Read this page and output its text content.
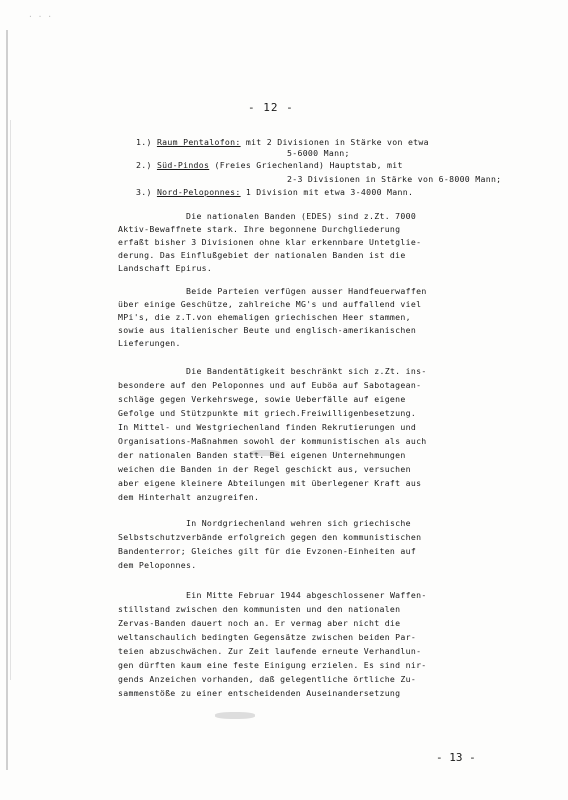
· · ·
- 12 -
1.) Raum Pentalofon: mit 2 Divisionen in Stärke von etwa
5-6000 Mann;
2.) Süd-Pindos (Freies Griechenland) Hauptstab, mit
2-3 Divisionen in Stärke von 6-8000 Mann;
3.) Nord-Peloponnes: 1 Division mit etwa 3-4000 Mann.
Die nationalen Banden (EDES) sind z.Zt. 7000
Aktiv-Bewaffnete stark. Ihre begonnene Durchgliederung
erfaßt bisher 3 Divisionen ohne klar erkennbare Untetglie-
derung. Das Einflußgebiet der nationalen Banden ist die
Landschaft Epirus.
Beide Parteien verfügen ausser Handfeuerwaffen
über einige Geschütze, zahlreiche MG's und auffallend viel
MPi's, die z.T.von ehemaligen griechischen Heer stammen,
sowie aus italienischer Beute und englisch-amerikanischen
Lieferungen.
Die Bandentätigkeit beschränkt sich z.Zt. ins-
besondere auf den Peloponnes und auf Euböa auf Sabotagean-
schläge gegen Verkehrswege, sowie Ueberfälle auf eigene
Gefolge und Stützpunkte mit griech.Freiwilligenbesetzung.
In Mittel- und Westgriechenland finden Rekrutierungen und
Organisations-Maßnahmen sowohl der kommunistischen als auch
der nationalen Banden statt. Bei eigenen Unternehmungen
weichen die Banden in der Regel geschickt aus, versuchen
aber eigene kleinere Abteilungen mit überlegener Kraft aus
dem Hinterhalt anzugreifen.
In Nordgriechenland wehren sich griechische
Selbstschutzverbände erfolgreich gegen den kommunistischen
Bandenterror; Gleiches gilt für die Evzonen-Einheiten auf
dem Peloponnes.
Ein Mitte Februar 1944 abgeschlossener Waffen-
stillstand zwischen den kommunisten und den nationalen
Zervas-Banden dauert noch an. Er vermag aber nicht die
weltanschaulich bedingten Gegensätze zwischen beiden Par-
teien abzuschwächen. Zur Zeit laufende erneute Verhandlun-
gen dürften kaum eine feste Einigung erzielen. Es sind nir-
gends Anzeichen vorhanden, daß gelegentliche örtliche Zu-
sammenstöße zu einer entscheidenden Auseinandersetzung
- 13 -
